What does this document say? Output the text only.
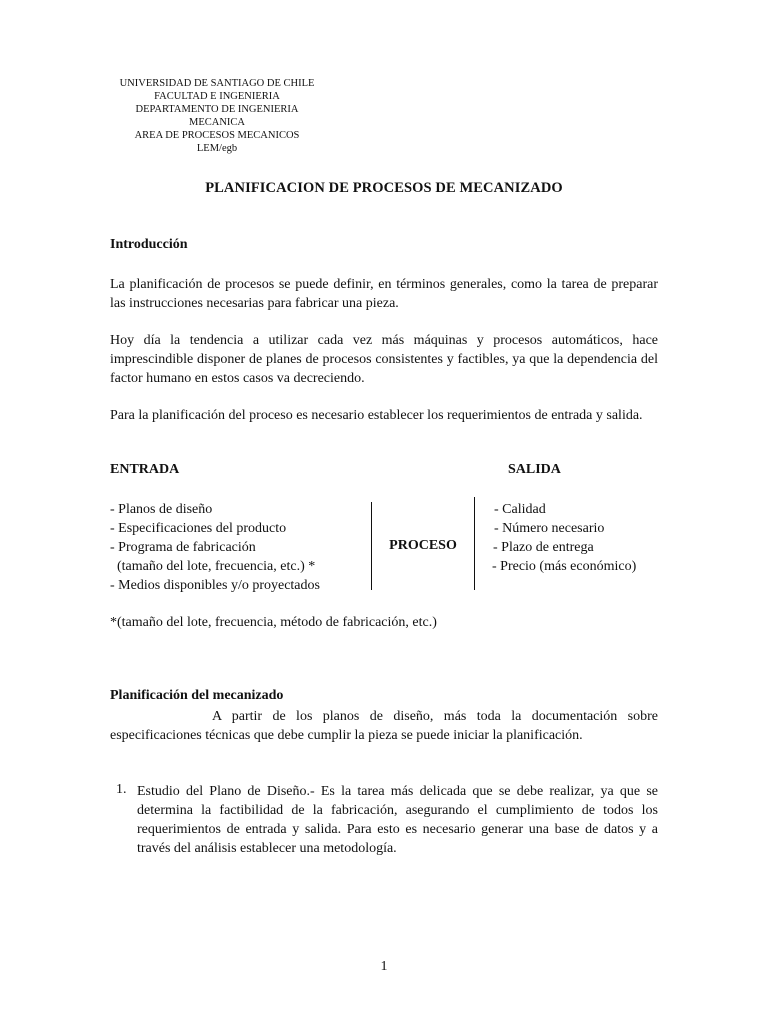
UNIVERSIDAD DE SANTIAGO DE CHILE
FACULTAD E INGENIERIA
DEPARTAMENTO DE INGENIERIA MECANICA
AREA DE PROCESOS MECANICOS
LEM/egb
PLANIFICACION DE PROCESOS DE MECANIZADO
Introducción
La planificación de procesos se puede definir, en términos generales, como la tarea de preparar las instrucciones necesarias para fabricar una pieza.
Hoy día la tendencia a utilizar cada vez más máquinas y procesos automáticos, hace imprescindible disponer de planes de procesos consistentes y factibles, ya que la dependencia del factor humano en estos casos va decreciendo.
Para la planificación del proceso es necesario establecer los requerimientos de entrada y salida.
ENTRADA	SALIDA
- Planos de diseño
- Especificaciones del producto
- Programa de fabricación
(tamaño del lote, frecuencia, etc.) *
- Medios disponibles y/o proyectados
PROCESO
- Calidad
- Número necesario
- Plazo de entrega
- Precio (más económico)
*(tamaño del lote, frecuencia, método de fabricación, etc.)
Planificación del mecanizado
A partir de los planos de diseño, más toda la documentación sobre especificaciones técnicas que debe cumplir la pieza se puede iniciar la planificación.
1. Estudio del Plano de Diseño.- Es la tarea más delicada que se debe realizar, ya que se determina la factibilidad de la fabricación, asegurando el cumplimiento de todos los requerimientos de entrada y salida. Para esto es necesario generar una base de datos y a través del análisis establecer una metodología.
1
